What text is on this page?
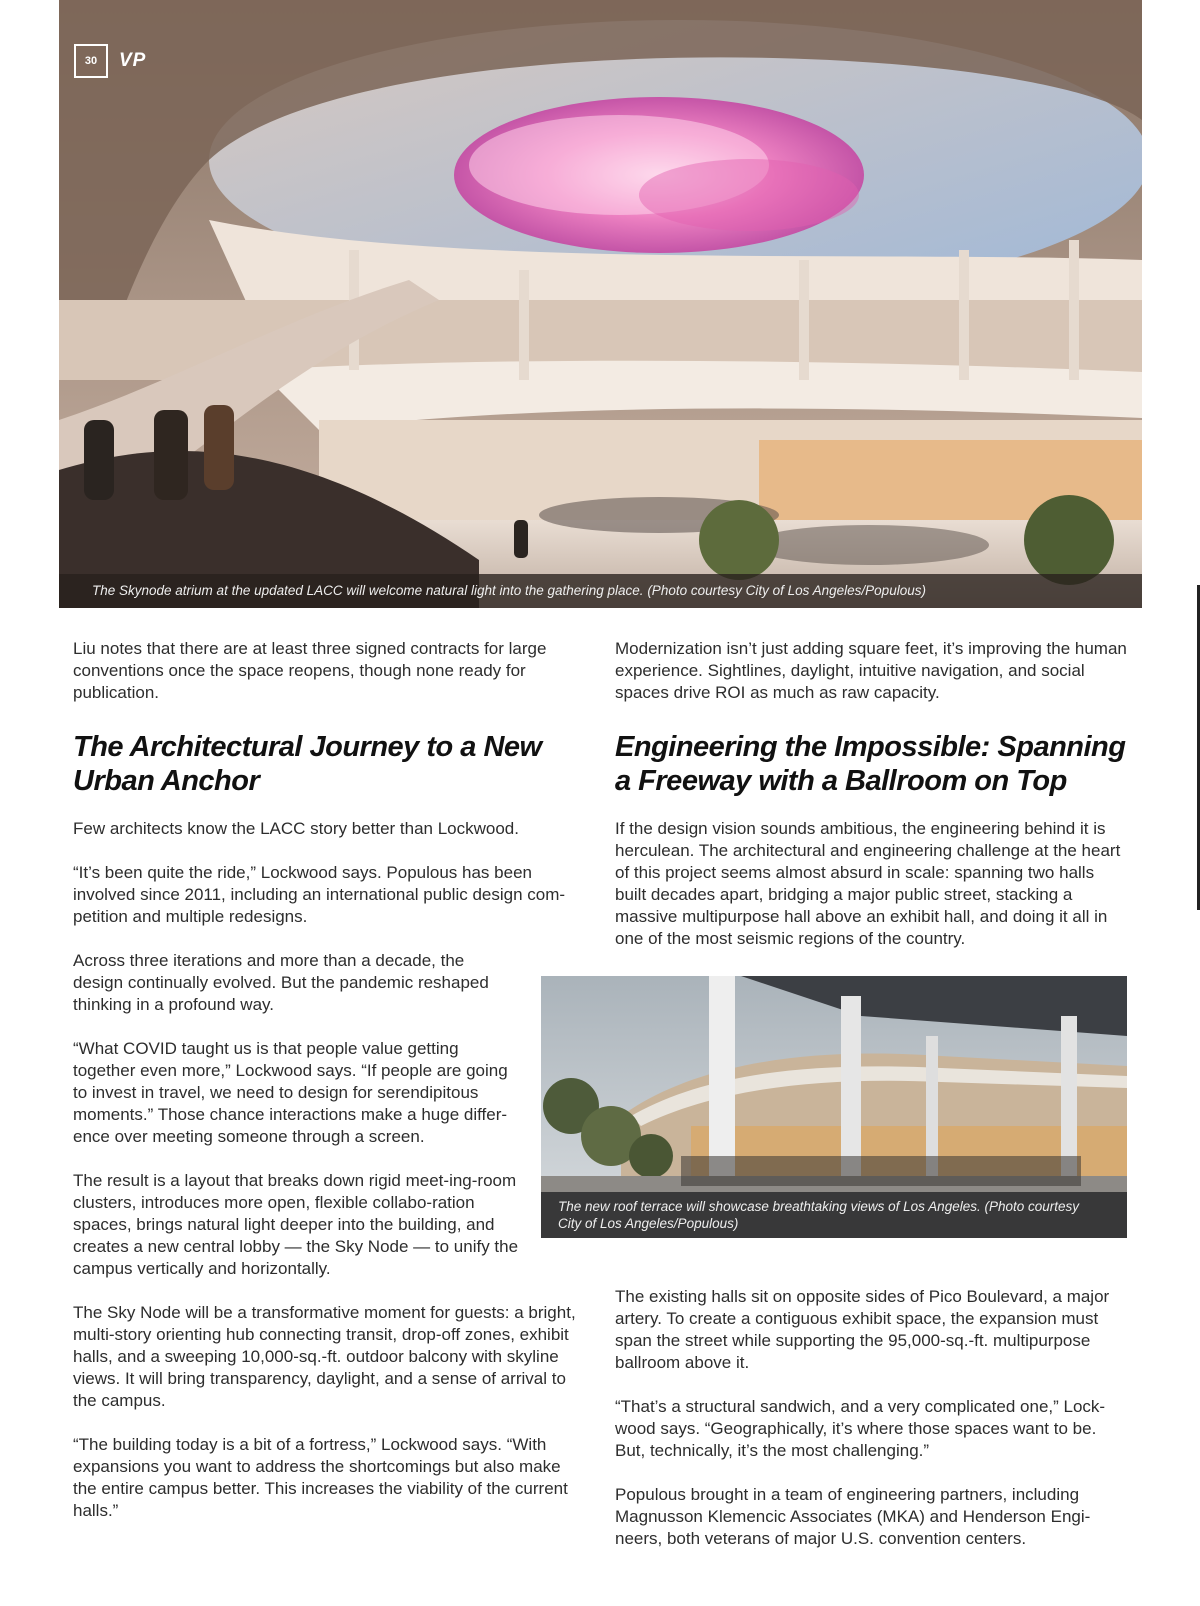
30	VP
The Skynode atrium at the updated LACC will welcome natural light into the gathering place. (Photo courtesy City of Los Angeles/Populous)

Liu notes that there are at least three signed contracts for large conventions once the space reopens, though none ready for publication.

The Architectural Journey to a New Urban Anchor

Few architects know the LACC story better than Lockwood.

“It’s been quite the ride,” Lockwood says. Populous has been involved since 2011, including an international public design com-petition and multiple redesigns.

Across three iterations and more than a decade, the design continually evolved. But the pandemic reshaped thinking in a profound way.

“What COVID taught us is that people value getting together even more,” Lockwood says. “If people are going to invest in travel, we need to design for serendipitous moments.” Those chance interactions make a huge differ-ence over meeting someone through a screen.

The result is a layout that breaks down rigid meet-ing-room clusters, introduces more open, flexible collabo-ration spaces, brings natural light deeper into the building, and creates a new central lobby — the Sky Node — to unify the campus vertically and horizontally.

The Sky Node will be a transformative moment for guests: a bright, multi-story orienting hub connecting transit, drop-off zones, exhibit halls, and a sweeping 10,000-sq.-ft. outdoor balcony with skyline views. It will bring transparency, daylight, and a sense of arrival to the campus.

“The building today is a bit of a fortress,” Lockwood says. “With expansions you want to address the shortcomings but also make the entire campus better. This increases the viability of the current halls.”

Modernization isn’t just adding square feet, it’s improving the human experience. Sightlines, daylight, intuitive navigation, and social spaces drive ROI as much as raw capacity.

Engineering the Impossible: Spanning a Freeway with a Ballroom on Top

If the design vision sounds ambitious, the engineering behind it is herculean. The architectural and engineering challenge at the heart of this project seems almost absurd in scale: spanning two halls built decades apart, bridging a major public street, stacking a massive multipurpose hall above an exhibit hall, and doing it all in one of the most seismic regions of the country.

The new roof terrace will showcase breathtaking views of Los Angeles. (Photo courtesy City of Los Angeles/Populous)

The existing halls sit on opposite sides of Pico Boulevard, a major artery. To create a contiguous exhibit space, the expansion must span the street while supporting the 95,000-sq.-ft. multipurpose ballroom above it.

“That’s a structural sandwich, and a very complicated one,” Lock-wood says. “Geographically, it’s where those spaces want to be. But, technically, it’s the most challenging.”

Populous brought in a team of engineering partners, including Magnusson Klemencic Associates (MKA) and Henderson Engi-neers, both veterans of major U.S. convention centers.
